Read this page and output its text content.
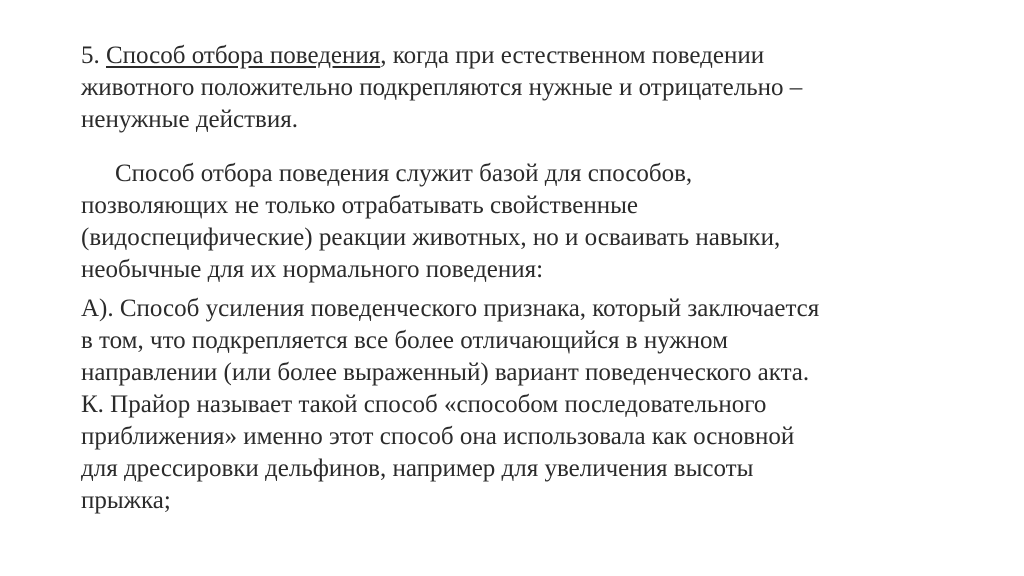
5. Способ отбора поведения, когда при естественном поведении
животного положительно подкрепляются нужные и отрицательно –
ненужные действия.

Способ отбора поведения служит базой для способов,
позволяющих не только отрабатывать свойственные
(видоспецифические) реакции животных, но и осваивать навыки,
необычные для их нормального поведения:

А). Способ усиления поведенческого признака, который заключается
в том, что подкрепляется все более отличающийся в нужном
направлении (или более выраженный) вариант поведенческого акта.
К. Прайор называет такой способ «способом последовательного
приближения» именно этот способ она использовала как основной
для дрессировки дельфинов, например для увеличения высоты
прыжка;
